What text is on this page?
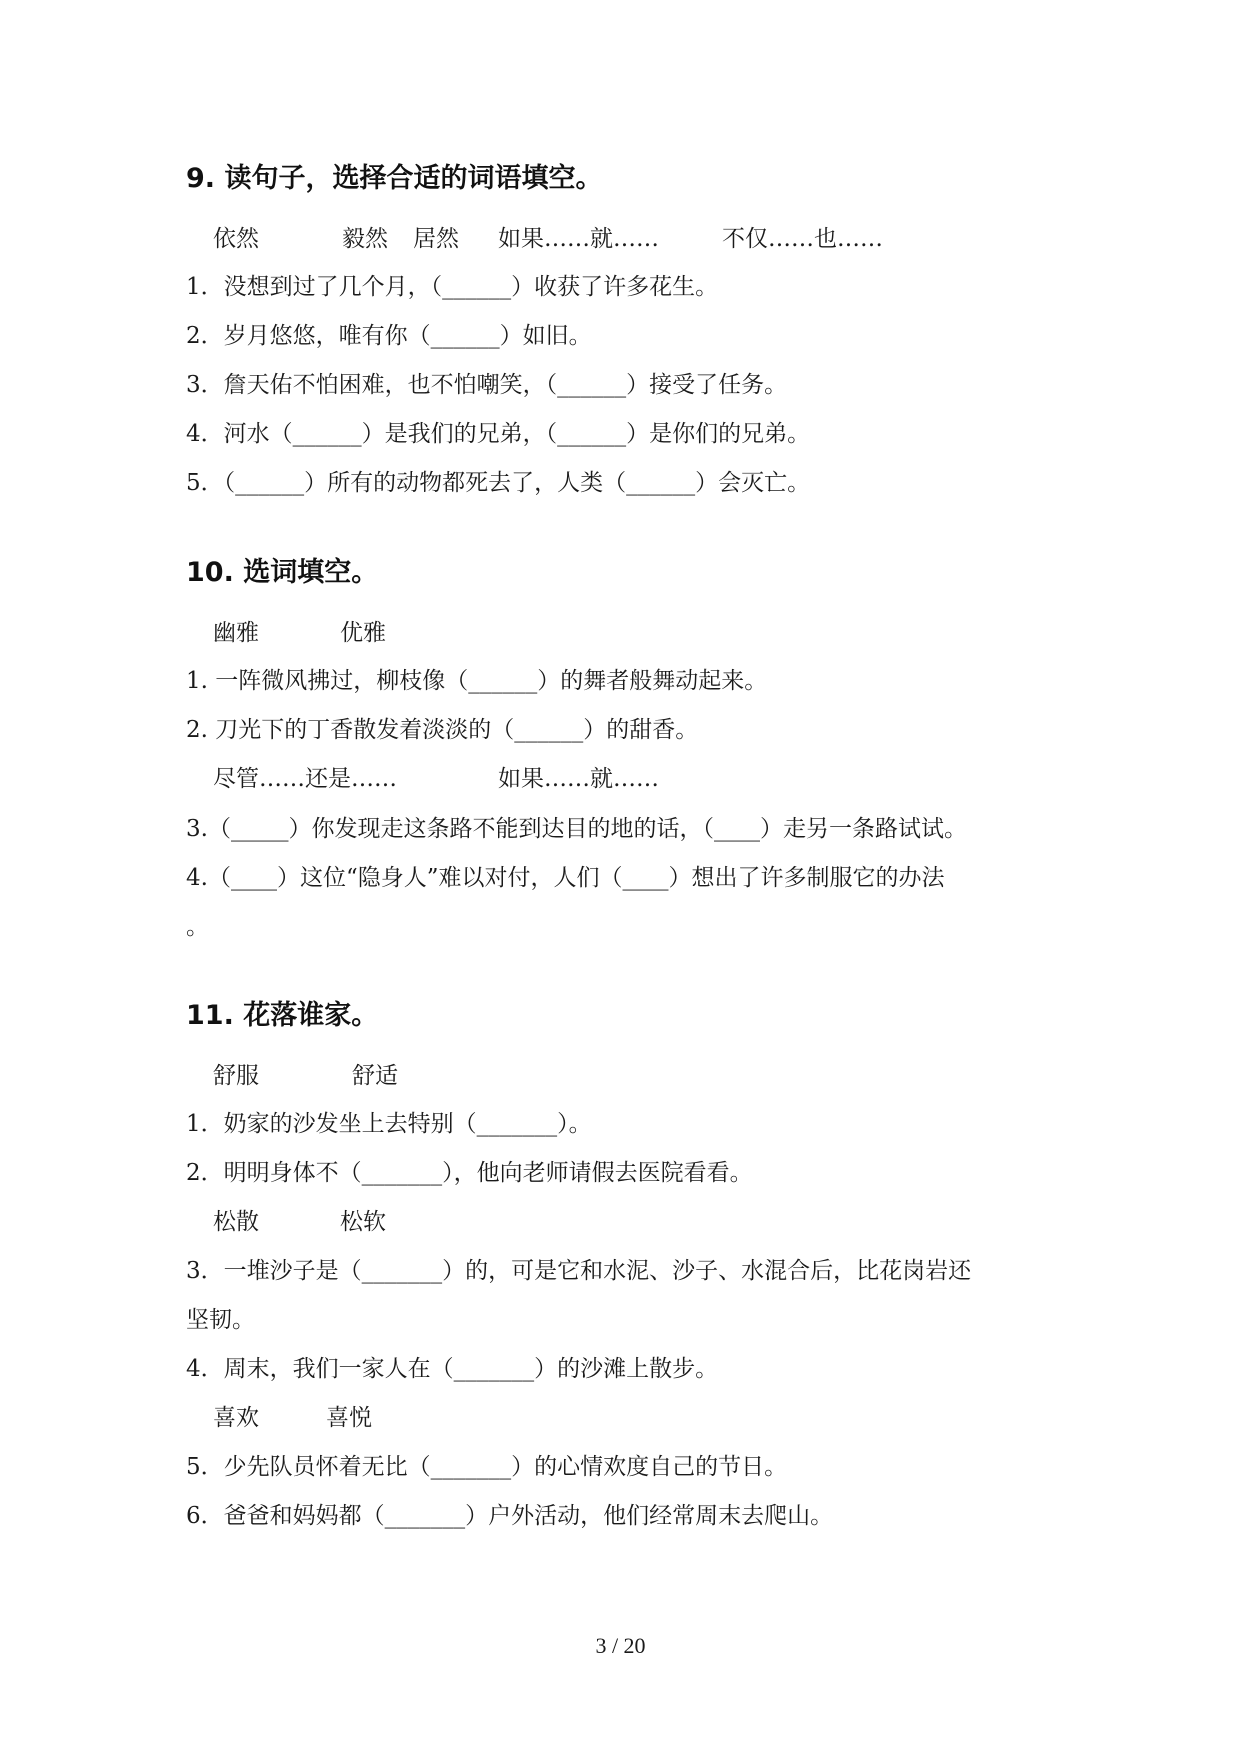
9. 读句子，选择合适的词语填空。
依然	毅然 居然 如果……就……	不仅……也……
1．没想到过了几个月，（______）收获了许多花生。
2．岁月悠悠，唯有你（______）如旧。
3．詹天佑不怕困难，也不怕嘲笑，（______）接受了任务。
4．河水（______）是我们的兄弟，（______）是你们的兄弟。
5．（______）所有的动物都死去了，人类（______）会灭亡。
10. 选词填空。
幽雅	优雅
1. 一阵微风拂过，柳枝像（______）的舞者般舞动起来。
2. 刀光下的丁香散发着淡淡的（______）的甜香。
尽管……还是……	如果……就……
3.（_____）你发现走这条路不能到达目的地的话，（____）走另一条路试试。
4.（____）这位“隐身人”难以对付，人们（____）想出了许多制服它的办法
。
11. 花落谁家。
舒服	舒适
1．奶家的沙发坐上去特别（_______）。
2．明明身体不（_______），他向老师请假去医院看看。
松散	松软
3．一堆沙子是（_______）的，可是它和水泥、沙子、水混合后，比花岗岩还
坚韧。
4．周末，我们一家人在（_______）的沙滩上散步。
喜欢	喜悦
5．少先队员怀着无比（_______）的心情欢度自己的节日。
6．爸爸和妈妈都（_______）户外活动，他们经常周末去爬山。
3 / 20
